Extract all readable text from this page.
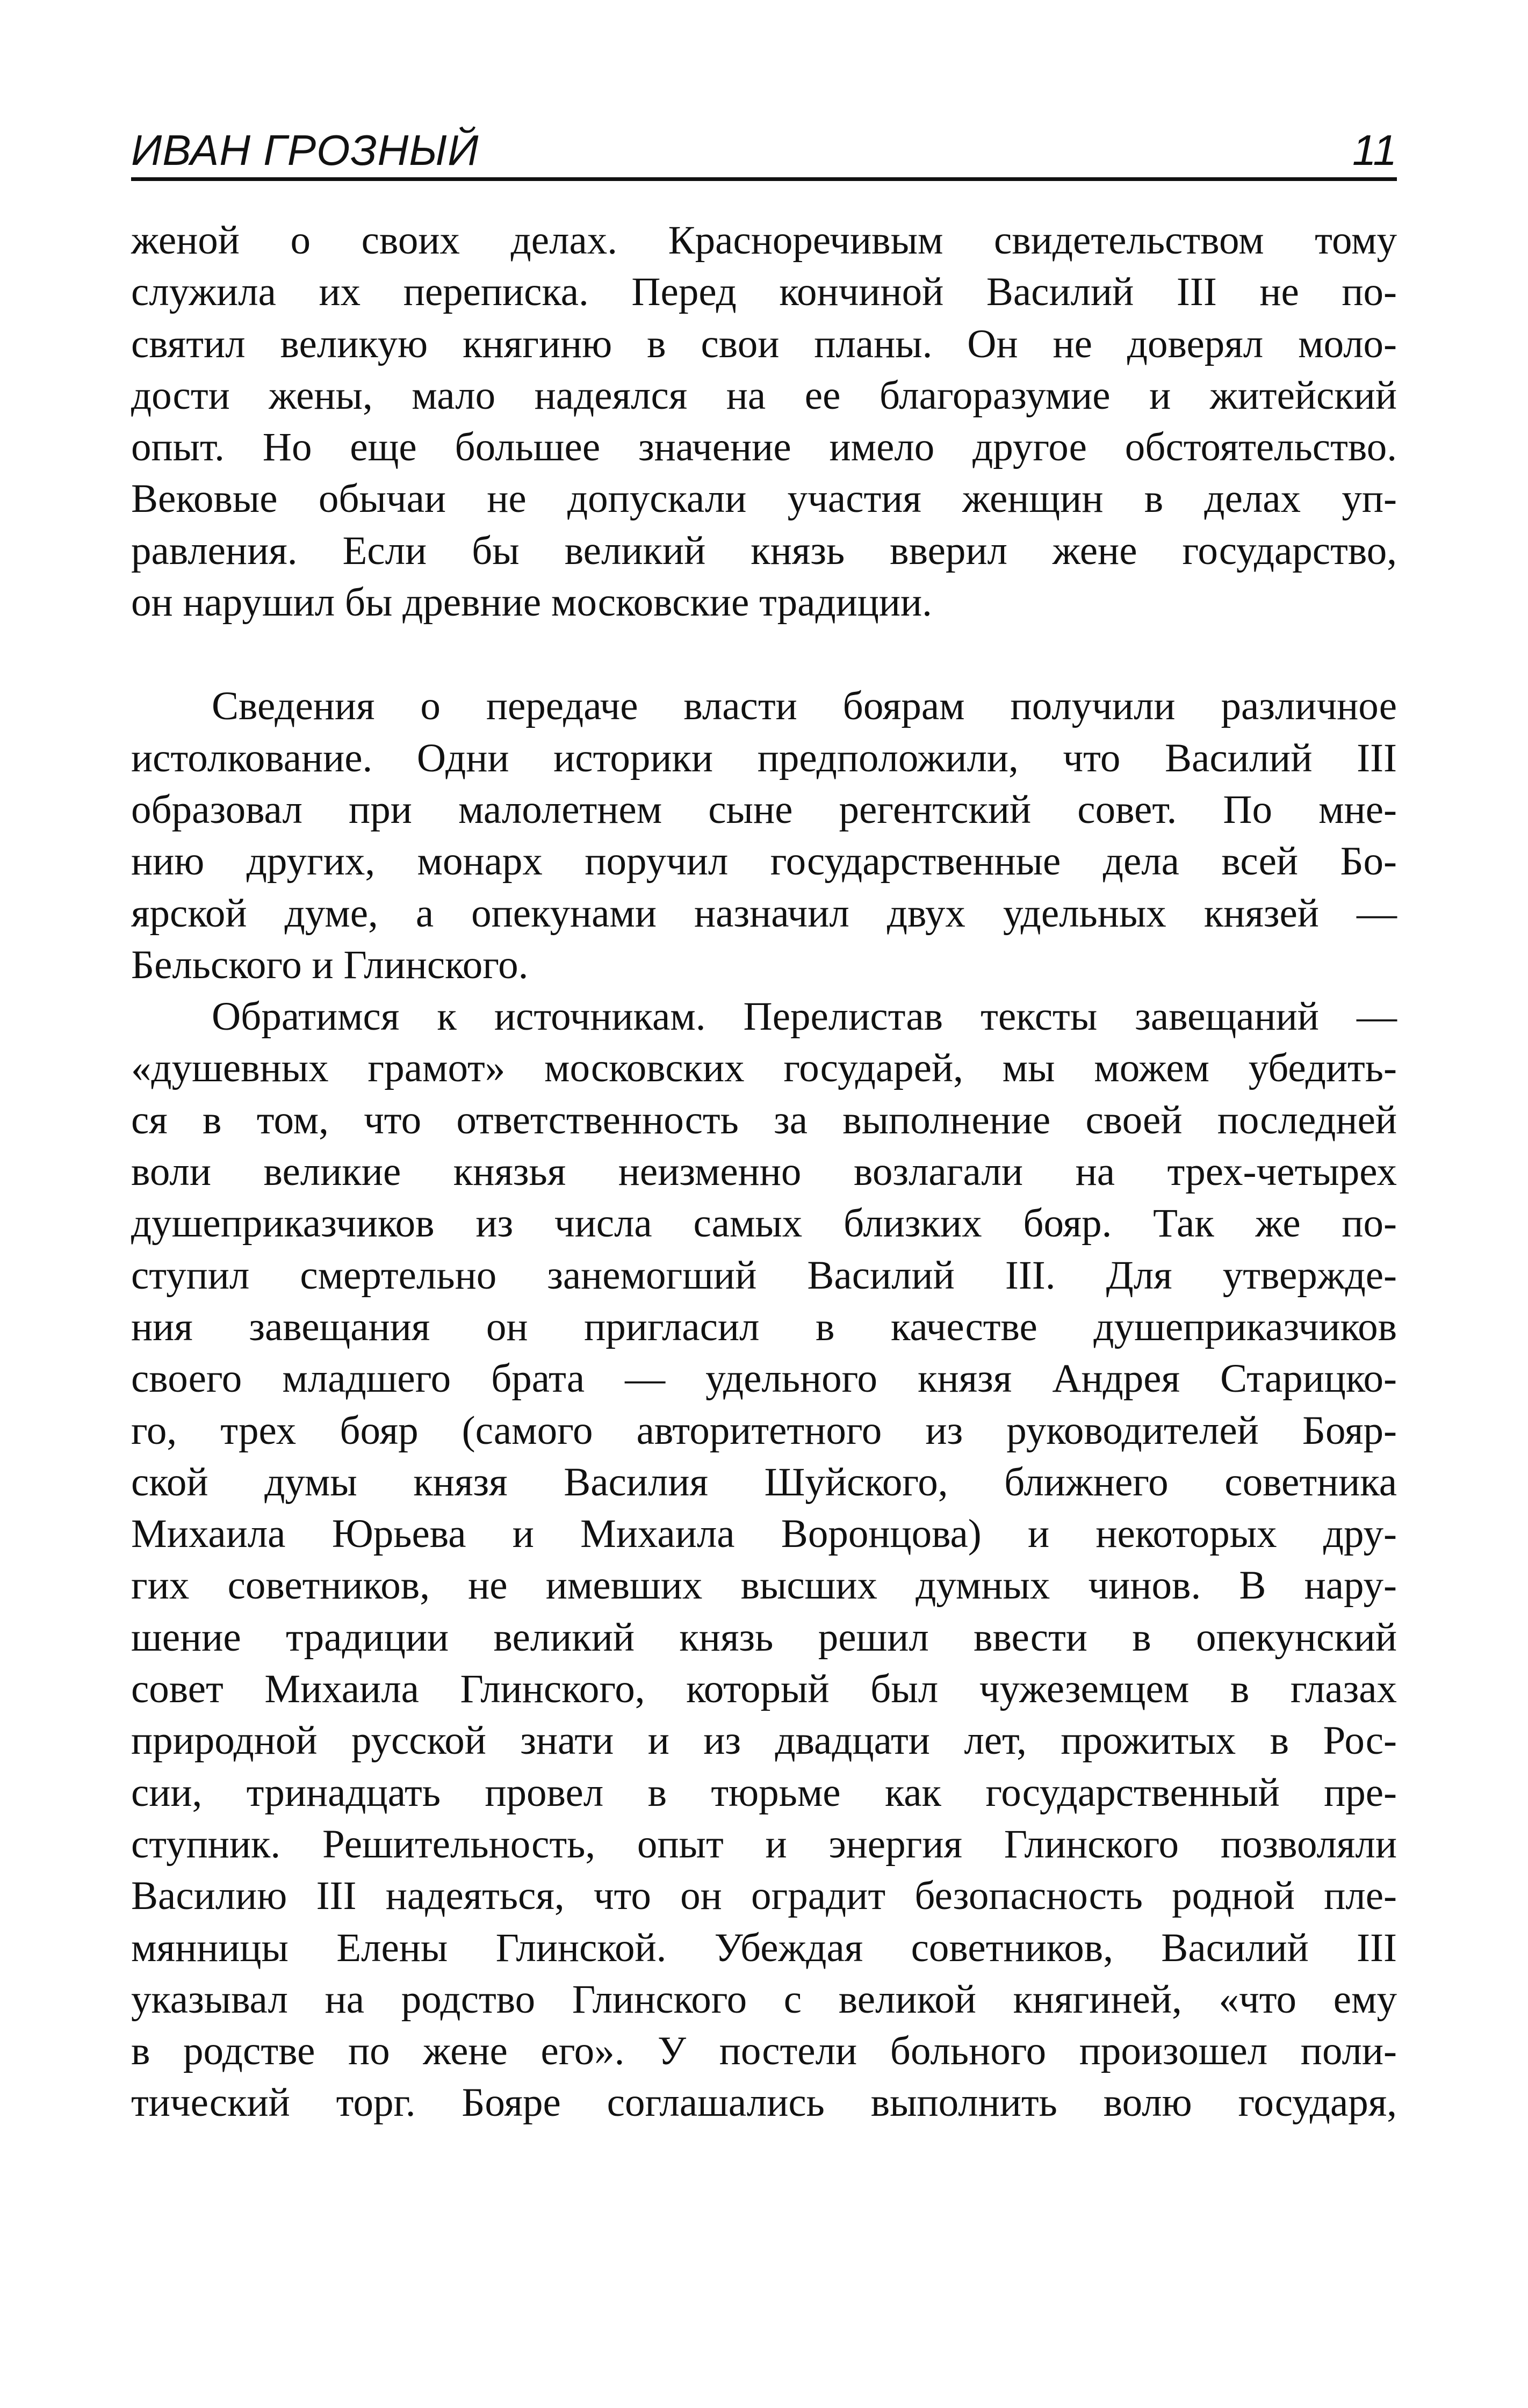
ИВАН ГРОЗНЫЙ	11
женой о своих делах. Красноречивым свидетельством тому
служила их переписка. Перед кончиной Василий III не по-
святил великую княгиню в свои планы. Он не доверял моло-
дости жены, мало надеялся на ее благоразумие и житейский
опыт. Но еще большее значение имело другое обстоятельство.
Вековые обычаи не допускали участия женщин в делах уп-
равления. Если бы великий князь вверил жене государство,
он нарушил бы древние московские традиции.
Сведения о передаче власти боярам получили различное
истолкование. Одни историки предположили, что Василий III
образовал при малолетнем сыне регентский совет. По мне-
нию других, монарх поручил государственные дела всей Бо-
ярской думе, а опекунами назначил двух удельных князей —
Бельского и Глинского.
Обратимся к источникам. Перелистав тексты завещаний —
«душевных грамот» московских государей, мы можем убедить-
ся в том, что ответственность за выполнение своей последней
воли великие князья неизменно возлагали на трех-четырех
душеприказчиков из числа самых близких бояр. Так же по-
ступил смертельно занемогший Василий III. Для утвержде-
ния завещания он пригласил в качестве душеприказчиков
своего младшего брата — удельного князя Андрея Старицко-
го, трех бояр (самого авторитетного из руководителей Бояр-
ской думы князя Василия Шуйского, ближнего советника
Михаила Юрьева и Михаила Воронцова) и некоторых дру-
гих советников, не имевших высших думных чинов. В нару-
шение традиции великий князь решил ввести в опекунский
совет Михаила Глинского, который был чужеземцем в глазах
природной русской знати и из двадцати лет, прожитых в Рос-
сии, тринадцать провел в тюрьме как государственный пре-
ступник. Решительность, опыт и энергия Глинского позволяли
Василию III надеяться, что он оградит безопасность родной пле-
мянницы Елены Глинской. Убеждая советников, Василий III
указывал на родство Глинского с великой княгиней, «что ему
в родстве по жене его». У постели больного произошел поли-
тический торг. Бояре соглашались выполнить волю государя,
